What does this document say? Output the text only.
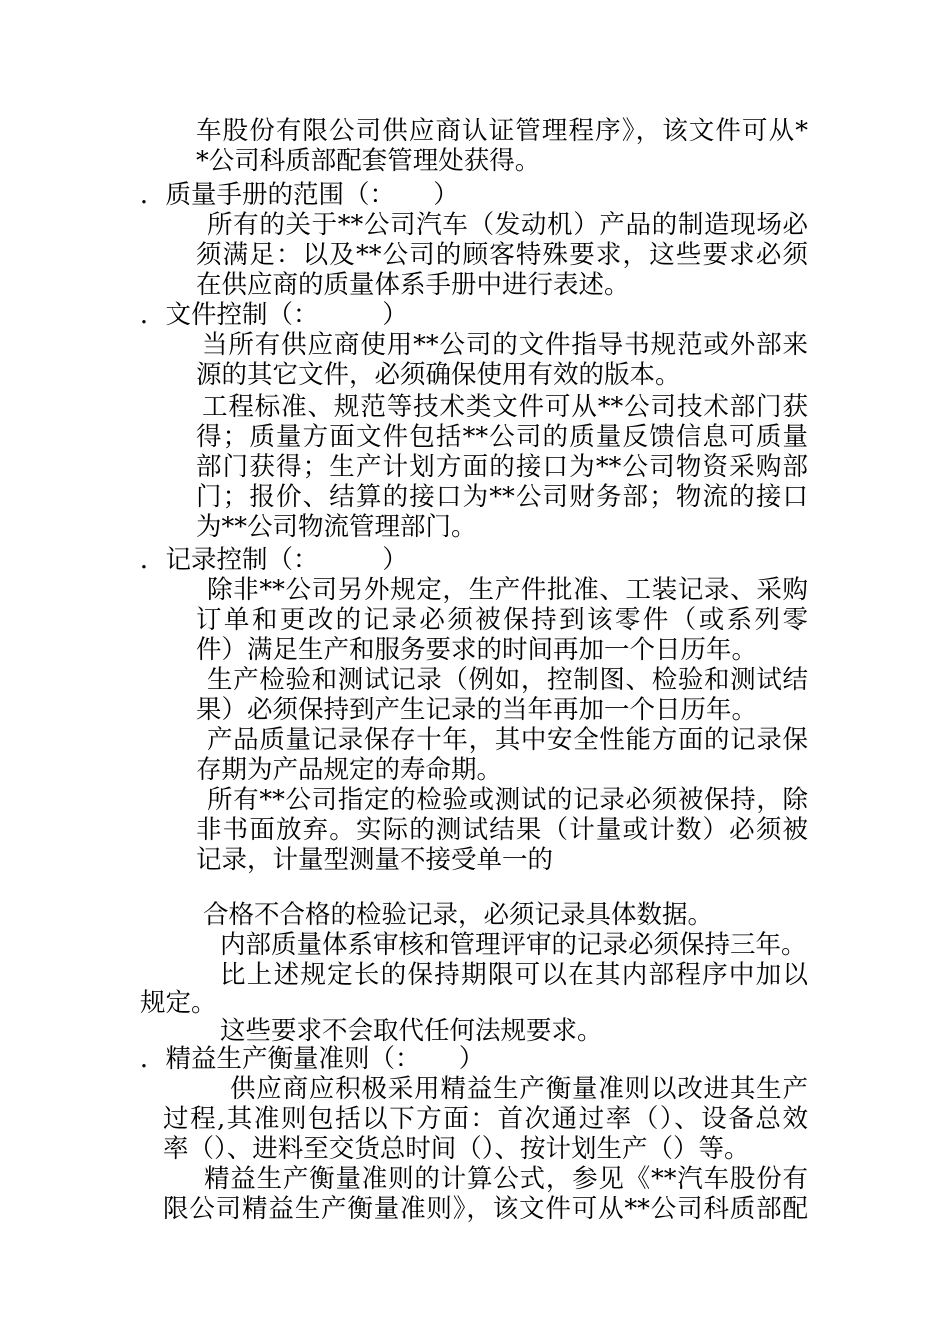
车股份有限公司供应商认证管理程序》，该文件可从*
*公司科质部配套管理处获得。
．质量手册的范围（：　　）
所有的关于**公司汽车（发动机）产品的制造现场必
须满足：以及**公司的顾客特殊要求，这些要求必须
在供应商的质量体系手册中进行表述。
．文件控制（：　　　）
当所有供应商使用**公司的文件指导书规范或外部来
源的其它文件，必须确保使用有效的版本。
工程标准、规范等技术类文件可从**公司技术部门获
得；质量方面文件包括**公司的质量反馈信息可质量
部门获得；生产计划方面的接口为**公司物资采购部
门；报价、结算的接口为**公司财务部；物流的接口
为**公司物流管理部门。
．记录控制（：　　　）
除非**公司另外规定，生产件批准、工装记录、采购
订单和更改的记录必须被保持到该零件（或系列零
件）满足生产和服务要求的时间再加一个日历年。
生产检验和测试记录（例如，控制图、检验和测试结
果）必须保持到产生记录的当年再加一个日历年。
产品质量记录保存十年，其中安全性能方面的记录保
存期为产品规定的寿命期。
所有**公司指定的检验或测试的记录必须被保持，除
非书面放弃。实际的测试结果（计量或计数）必须被
记录，计量型测量不接受单一的
合格不合格的检验记录，必须记录具体数据。
内部质量体系审核和管理评审的记录必须保持三年。
比上述规定长的保持期限可以在其内部程序中加以
规定。
这些要求不会取代任何法规要求。
．精益生产衡量准则（：　　）
供应商应积极采用精益生产衡量准则以改进其生产
过程,其准则包括以下方面：首次通过率（）、设备总效
率（）、进料至交货总时间（）、按计划生产（）等。
精益生产衡量准则的计算公式，参见《**汽车股份有
限公司精益生产衡量准则》，该文件可从**公司科质部配
